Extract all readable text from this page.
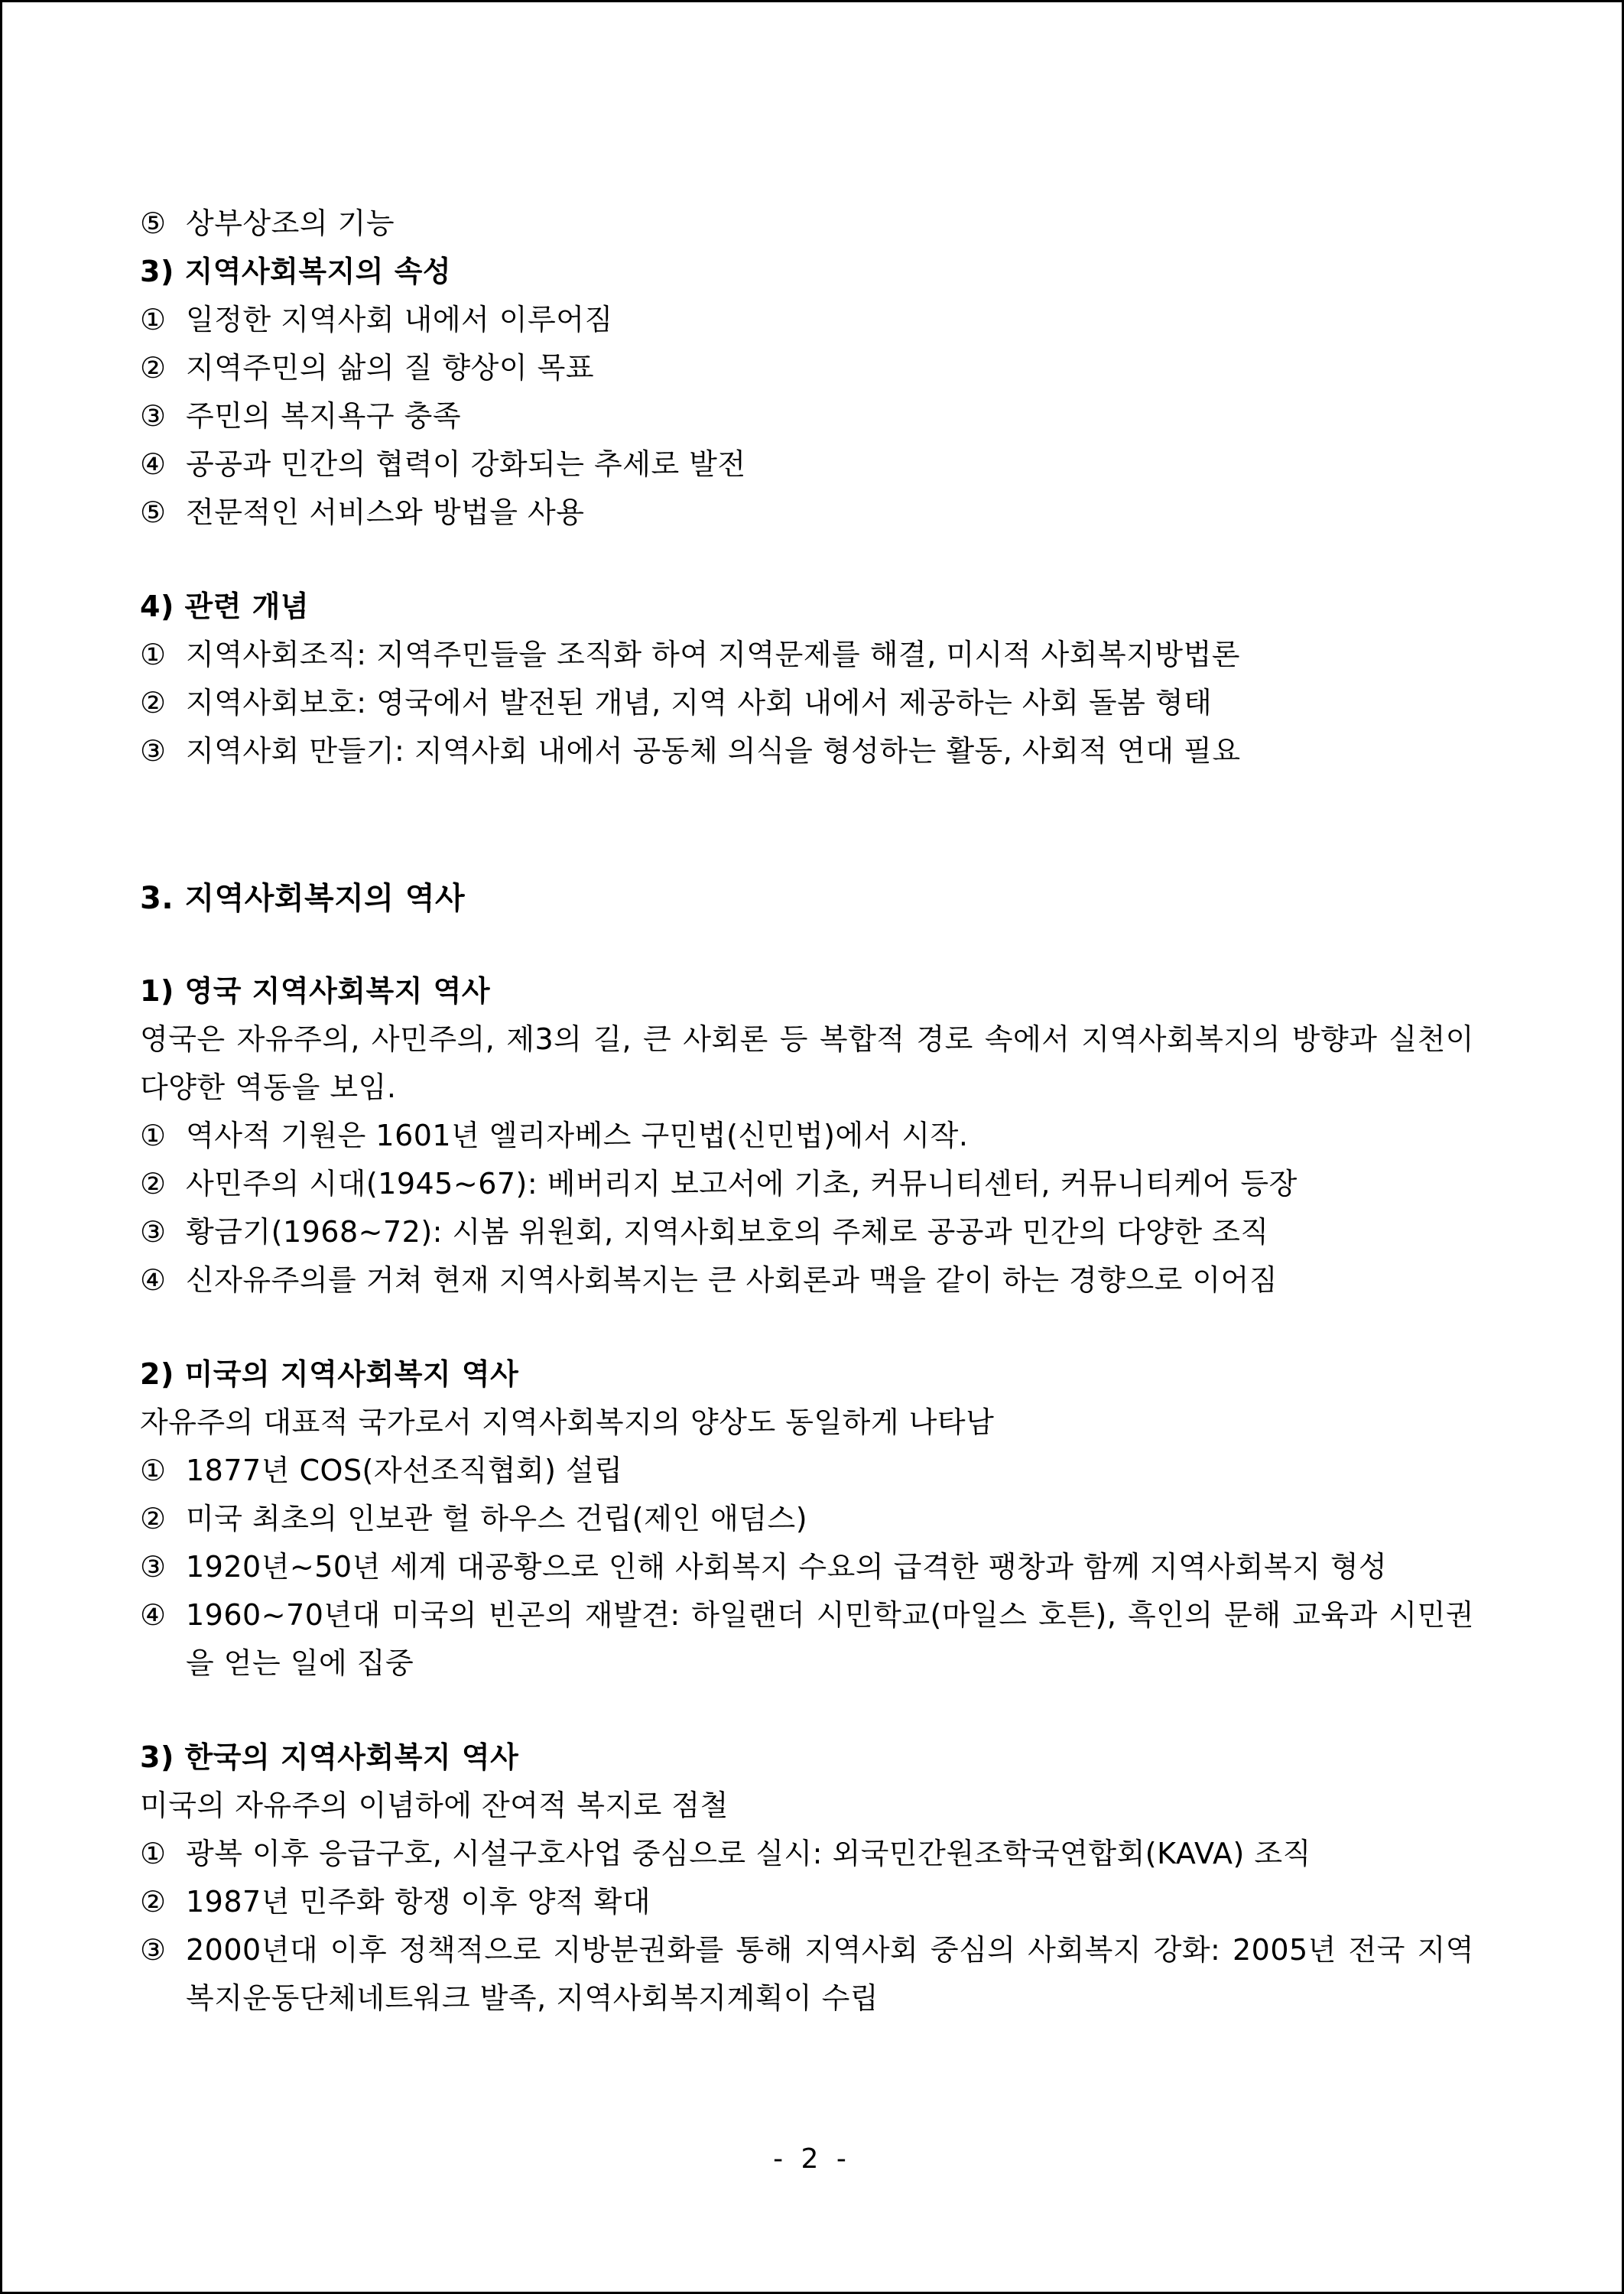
⑤ 상부상조의 기능
3) 지역사회복지의 속성
① 일정한 지역사회 내에서 이루어짐
② 지역주민의 삶의 질 향상이 목표
③ 주민의 복지욕구 충족
④ 공공과 민간의 협력이 강화되는 추세로 발전
⑤ 전문적인 서비스와 방법을 사용
4) 관련 개념
① 지역사회조직: 지역주민들을 조직화 하여 지역문제를 해결, 미시적 사회복지방법론
② 지역사회보호: 영국에서 발전된 개념, 지역 사회 내에서 제공하는 사회 돌봄 형태
③ 지역사회 만들기: 지역사회 내에서 공동체 의식을 형성하는 활동, 사회적 연대 필요
3. 지역사회복지의 역사
1) 영국 지역사회복지 역사
영국은 자유주의, 사민주의, 제3의 길, 큰 사회론 등 복합적 경로 속에서 지역사회복지의 방향과 실천이 다양한 역동을 보임.
① 역사적 기원은 1601년 엘리자베스 구민법(신민법)에서 시작.
② 사민주의 시대(1945~67): 베버리지 보고서에 기초, 커뮤니티센터, 커뮤니티케어 등장
③ 황금기(1968~72): 시봄 위원회, 지역사회보호의 주체로 공공과 민간의 다양한 조직
④ 신자유주의를 거쳐 현재 지역사회복지는 큰 사회론과 맥을 같이 하는 경향으로 이어짐
2) 미국의 지역사회복지 역사
자유주의 대표적 국가로서 지역사회복지의 양상도 동일하게 나타남
① 1877년 COS(자선조직협회) 설립
② 미국 최초의 인보관 헐 하우스 건립(제인 애덤스)
③ 1920년~50년 세계 대공황으로 인해 사회복지 수요의 급격한 팽창과 함께 지역사회복지 형성
④ 1960~70년대 미국의 빈곤의 재발견: 하일랜더 시민학교(마일스 호튼), 흑인의 문해 교육과 시민권을 얻는 일에 집중
3) 한국의 지역사회복지 역사
미국의 자유주의 이념하에 잔여적 복지로 점철
① 광복 이후 응급구호, 시설구호사업 중심으로 실시: 외국민간원조학국연합회(KAVA) 조직
② 1987년 민주화 항쟁 이후 양적 확대
③ 2000년대 이후 정책적으로 지방분권화를 통해 지역사회 중심의 사회복지 강화: 2005년 전국 지역복지운동단체네트워크 발족, 지역사회복지계획이 수립
- 2 -
